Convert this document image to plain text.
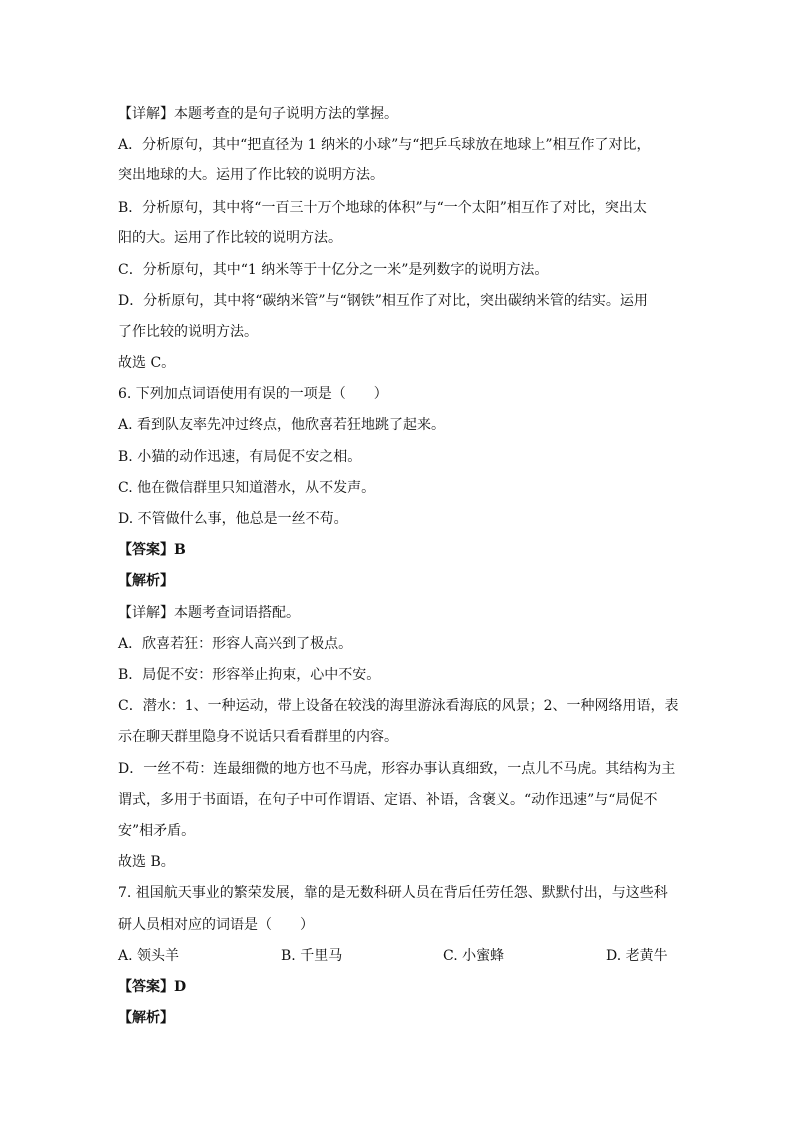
【详解】本题考查的是句子说明方法的掌握。
A．分析原句，其中“把直径为 1 纳米的小球”与“把乒乓球放在地球上”相互作了对比，
突出地球的大。运用了作比较的说明方法。
B．分析原句，其中将“一百三十万个地球的体积”与“一个太阳”相互作了对比，突出太
阳的大。运用了作比较的说明方法。
C．分析原句，其中“1 纳米等于十亿分之一米”是列数字的说明方法。
D．分析原句，其中将“碳纳米管”与“钢铁”相互作了对比，突出碳纳米管的结实。运用
了作比较的说明方法。
故选 C。
6. 下列加点词语使用有误的一项是（　　）
A. 看到队友率先冲过终点，他欣喜若狂地跳了起来。
B. 小猫的动作迅速，有局促不安之相。
C. 他在微信群里只知道潜水，从不发声。
D. 不管做什么事，他总是一丝不苟。
【答案】B
【解析】
【详解】本题考查词语搭配。
A．欣喜若狂：形容人高兴到了极点。
B．局促不安：形容举止拘束，心中不安。
C．潜水：1、一种运动，带上设备在较浅的海里游泳看海底的风景；2、一种网络用语，表
示在聊天群里隐身不说话只看看群里的内容。
D．一丝不苟：连最细微的地方也不马虎，形容办事认真细致，一点儿不马虎。其结构为主
谓式，多用于书面语，在句子中可作谓语、定语、补语，含褒义。“动作迅速”与“局促不
安”相矛盾。
故选 B。
7. 祖国航天事业的繁荣发展，靠的是无数科研人员在背后任劳任怨、默默付出，与这些科
研人员相对应的词语是（　　）
A. 领头羊	B. 千里马	C. 小蜜蜂	D. 老黄牛
【答案】D
【解析】
